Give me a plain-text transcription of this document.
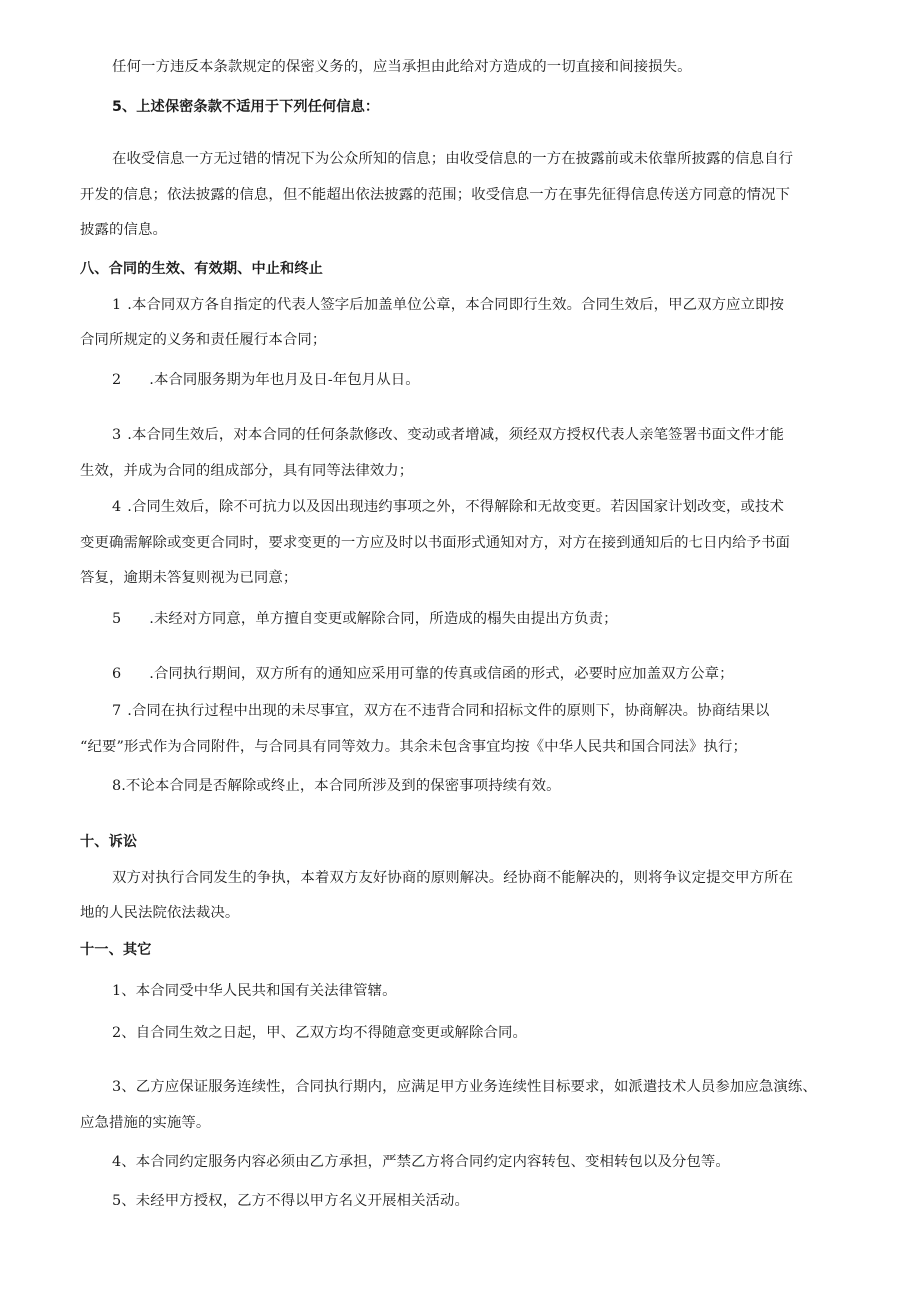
任何一方违反本条款规定的保密义务的，应当承担由此给对方造成的一切直接和间接损失。
5、上述保密条款不适用于下列任何信息：
在收受信息一方无过错的情况下为公众所知的信息；由收受信息的一方在披露前或未依靠所披露的信息自行
开发的信息；依法披露的信息，但不能超出依法披露的范围；收受信息一方在事先征得信息传送方同意的情况下
披露的信息。
八、合同的生效、有效期、中止和终止
1 .本合同双方各自指定的代表人签字后加盖单位公章，本合同即行生效。合同生效后，甲乙双方应立即按
合同所规定的义务和责任履行本合同；
2 .本合同服务期为年也月及日-年包月从日。
3 .本合同生效后，对本合同的任何条款修改、变动或者增减，须经双方授权代表人亲笔签署书面文件才能
生效，并成为合同的组成部分，具有同等法律效力；
4 .合同生效后，除不可抗力以及因出现违约事项之外，不得解除和无故变更。若因国家计划改变，或技术
变更确需解除或变更合同时，要求变更的一方应及时以书面形式通知对方，对方在接到通知后的七日内给予书面
答复，逾期未答复则视为已同意；
5 .未经对方同意，单方擅自变更或解除合同，所造成的榻失由提出方负责；
6 .合同执行期间，双方所有的通知应采用可靠的传真或信函的形式，必要时应加盖双方公章；
7 .合同在执行过程中出现的未尽事宜，双方在不违背合同和招标文件的原则下，协商解决。协商结果以
“纪要”形式作为合同附件，与合同具有同等效力。其余未包含事宜均按《中华人民共和国合同法》执行；
8.不论本合同是否解除或终止，本合同所涉及到的保密事项持续有效。
十、诉讼
双方对执行合同发生的争执，本着双方友好协商的原则解决。经协商不能解决的，则将争议定提交甲方所在
地的人民法院依法裁决。
十一、其它
1、本合同受中华人民共和国有关法律管辖。
2、自合同生效之日起，甲、乙双方均不得随意变更或解除合同。
3、乙方应保证服务连续性，合同执行期内，应满足甲方业务连续性目标要求，如派遣技术人员参加应急演练、
应急措施的实施等。
4、本合同约定服务内容必须由乙方承担，严禁乙方将合同约定内容转包、变相转包以及分包等。
5、未经甲方授权，乙方不得以甲方名义开展相关活动。
